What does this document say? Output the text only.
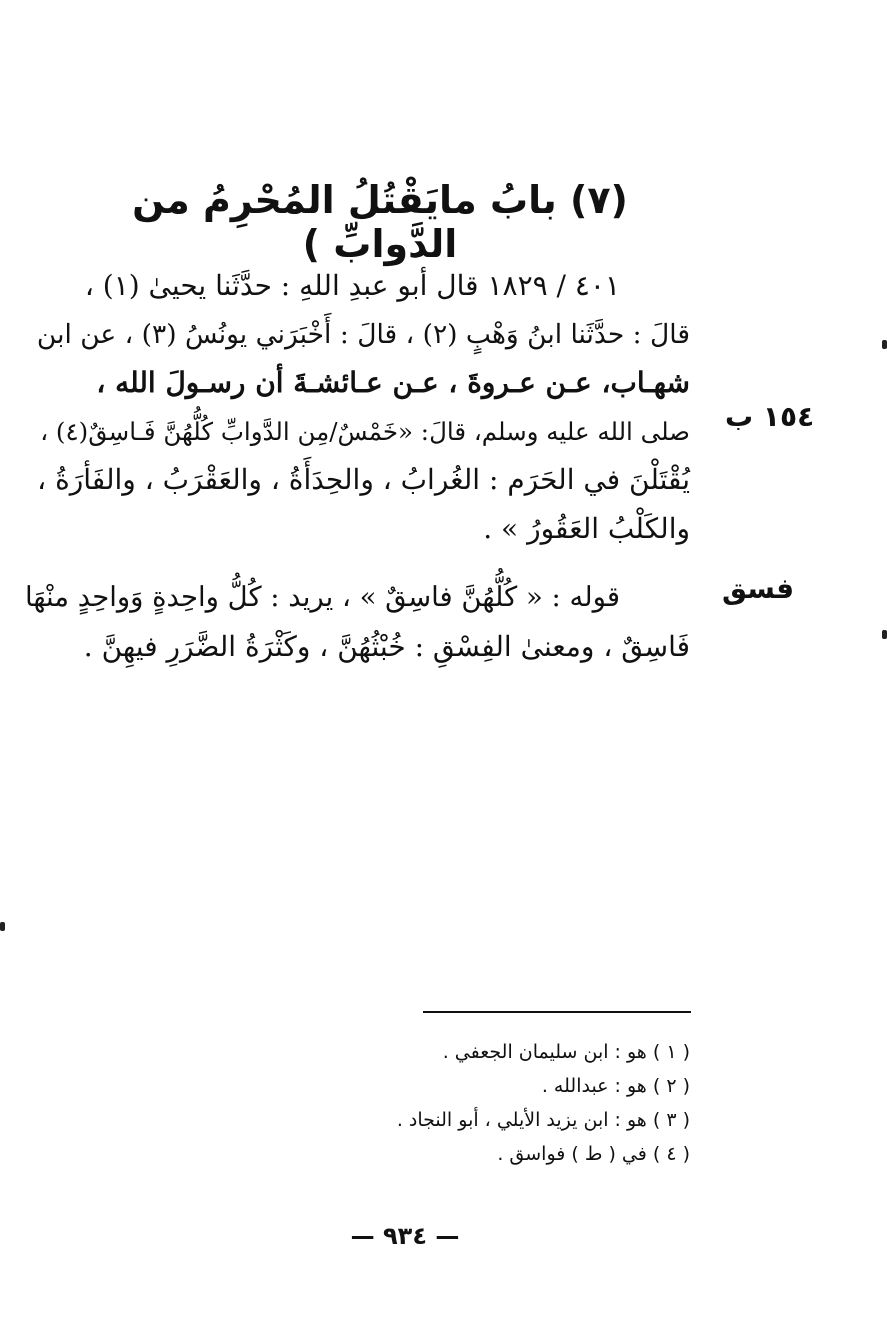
(٧) بابُ مايَقْتُلُ المُحْرِمُ من الدَّوابِّ )
٤٠١ / ١٨٢٩ قال أبو عبدِ اللهِ : حدَّثَنا يحيىٰ (١) ،
قالَ : حدَّثَنا ابنُ وَهْبٍ (٢) ، قالَ : أَخْبَرَني يونُسُ (٣) ، عن ابن
شهـاب، عـن عـروةَ ، عـن عـائشـةَ أن رسـولَ الله ،
صلى الله عليه وسلم، قالَ: «خَمْسٌ/مِن الدَّوابِّ كُلُّهُنَّ فَـاسِقٌ(٤) ،
يُقْتَلْنَ في الحَرَم : الغُرابُ ، والحِدَأَةُ ، والعَقْرَبُ ، والفَأرَةُ ،
والكَلْبُ العَقُورُ » .
١٥٤ ب
فسق
قوله : « كُلُّهُنَّ فاسِقٌ » ، يريد : كُلُّ واحِدةٍ وَواحِدٍ منْهَا
فَاسِقٌ ، ومعنىٰ الفِسْقِ : خُبْثُهُنَّ ، وكَثْرَةُ الضَّرَرِ فيهِنَّ .
( ١ ) هو : ابن سليمان الجعفي .
( ٢ ) هو : عبدالله .
( ٣ ) هو : ابن يزيد الأيلي ، أبو النجاد .
( ٤ ) في ( ط ) فواسق .
— ٩٣٤ —
